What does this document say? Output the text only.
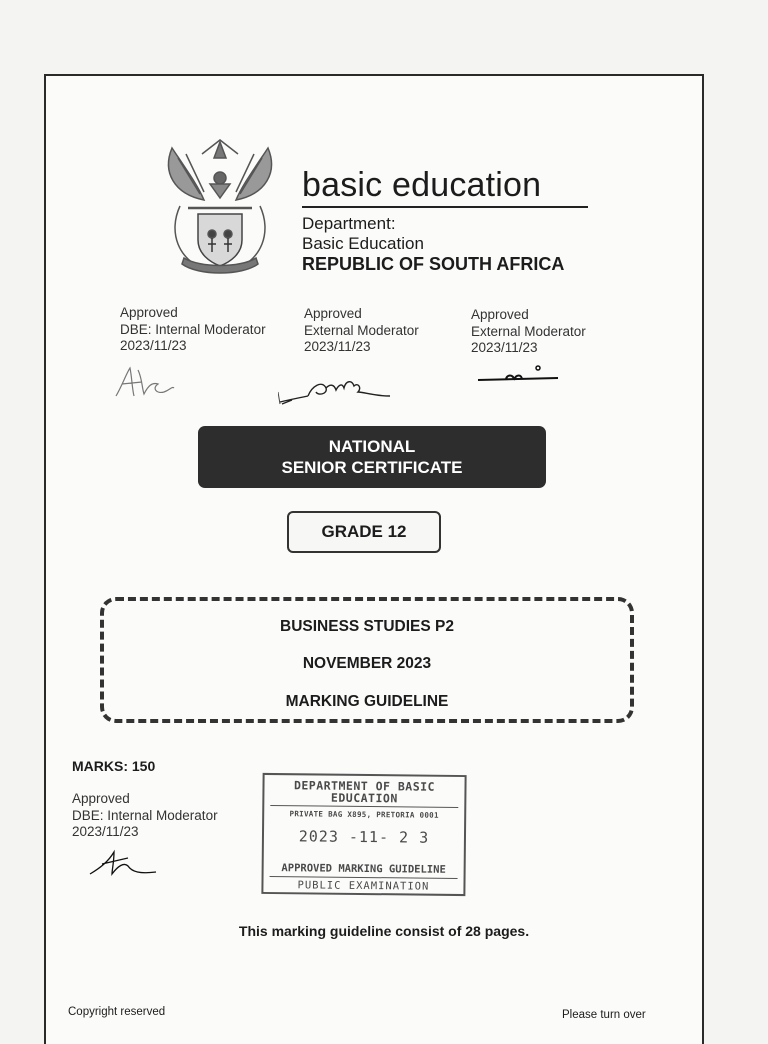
basic education
Department:
Basic Education
REPUBLIC OF SOUTH AFRICA
Approved
DBE: Internal Moderator
2023/11/23
Approved
External Moderator
2023/11/23
Approved
External Moderator
2023/11/23
NATIONAL
SENIOR CERTIFICATE
GRADE 12
BUSINESS STUDIES P2
NOVEMBER 2023
MARKING GUIDELINE
MARKS: 150
Approved
DBE: Internal Moderator
2023/11/23
DEPARTMENT OF BASIC
EDUCATION
PRIVATE BAG X895, PRETORIA 0001
2023 -11- 2 3
APPROVED MARKING GUIDELINE
PUBLIC EXAMINATION
This marking guideline consist of 28 pages.
Copyright reserved	Please turn over
